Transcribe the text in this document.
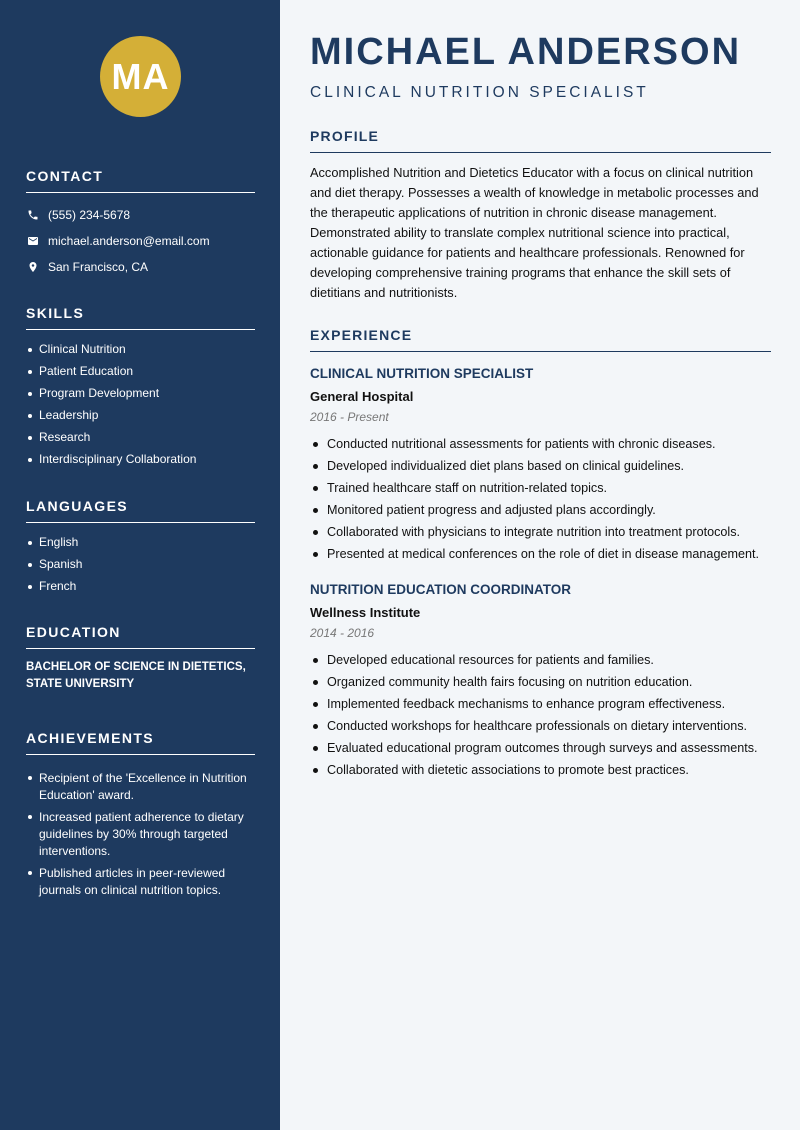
MA
CONTACT
(555) 234-5678
michael.anderson@email.com
San Francisco, CA
SKILLS
Clinical Nutrition
Patient Education
Program Development
Leadership
Research
Interdisciplinary Collaboration
LANGUAGES
English
Spanish
French
EDUCATION
BACHELOR OF SCIENCE IN DIETETICS, STATE UNIVERSITY
ACHIEVEMENTS
Recipient of the 'Excellence in Nutrition Education' award.
Increased patient adherence to dietary guidelines by 30% through targeted interventions.
Published articles in peer-reviewed journals on clinical nutrition topics.
MICHAEL ANDERSON
CLINICAL NUTRITION SPECIALIST
PROFILE
Accomplished Nutrition and Dietetics Educator with a focus on clinical nutrition and diet therapy. Possesses a wealth of knowledge in metabolic processes and the therapeutic applications of nutrition in chronic disease management. Demonstrated ability to translate complex nutritional science into practical, actionable guidance for patients and healthcare professionals. Renowned for developing comprehensive training programs that enhance the skill sets of dietitians and nutritionists.
EXPERIENCE
CLINICAL NUTRITION SPECIALIST
General Hospital
2016 - Present
Conducted nutritional assessments for patients with chronic diseases.
Developed individualized diet plans based on clinical guidelines.
Trained healthcare staff on nutrition-related topics.
Monitored patient progress and adjusted plans accordingly.
Collaborated with physicians to integrate nutrition into treatment protocols.
Presented at medical conferences on the role of diet in disease management.
NUTRITION EDUCATION COORDINATOR
Wellness Institute
2014 - 2016
Developed educational resources for patients and families.
Organized community health fairs focusing on nutrition education.
Implemented feedback mechanisms to enhance program effectiveness.
Conducted workshops for healthcare professionals on dietary interventions.
Evaluated educational program outcomes through surveys and assessments.
Collaborated with dietetic associations to promote best practices.
